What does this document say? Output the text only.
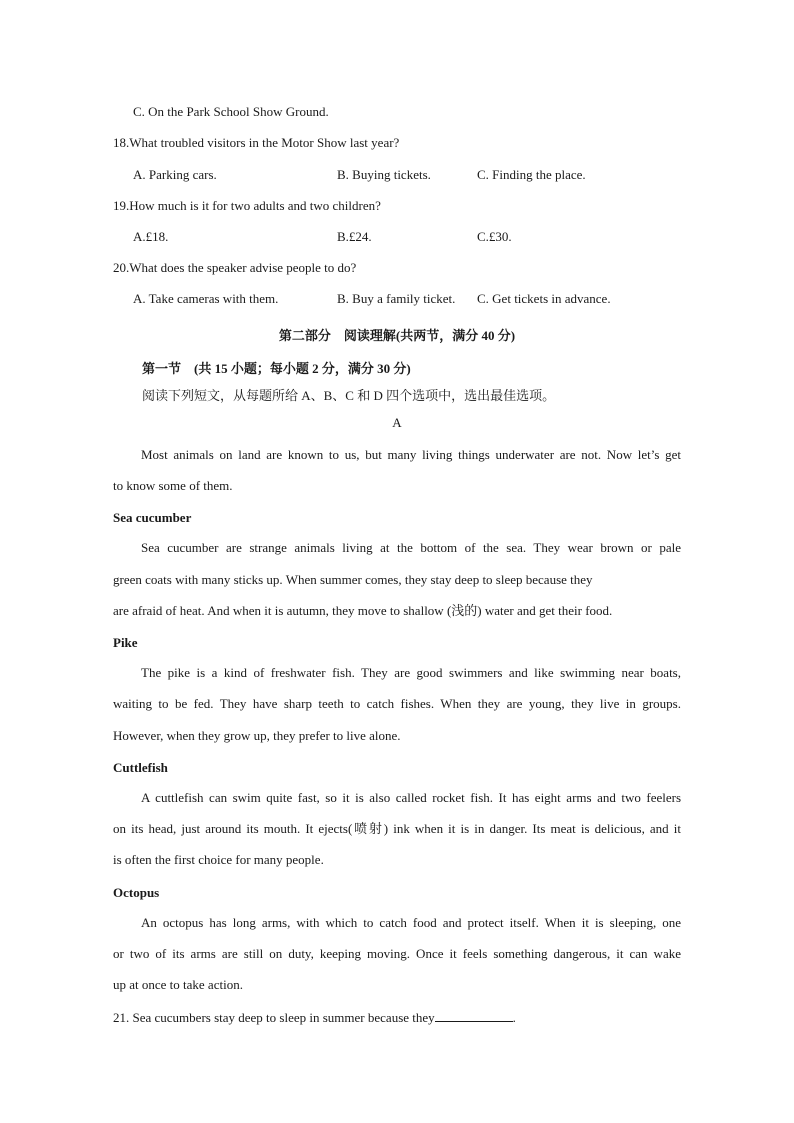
C. On the Park School Show Ground.
18.What troubled visitors in the Motor Show last year?
A. Parking cars.	B. Buying tickets.	C. Finding the place.
19.How much is it for two adults and two children?
A.£18.	B.£24.	C.£30.
20.What does the speaker advise people to do?
A. Take cameras with them.	B. Buy a family ticket. C. Get tickets in advance.
第二部分　阅读理解(共两节，满分 40 分)
第一节　(共 15 小题；每小题 2 分，满分 30 分)
阅读下列短文，从每题所给 A、B、C 和 D 四个选项中，选出最佳选项。
A
Most animals on land are known to us, but many living things underwater are not. Now let’s get
to know some of them.
Sea cucumber
Sea cucumber are strange animals living at the bottom of the sea. They wear brown or pale
green coats with many sticks up. When summer comes, they stay deep to sleep because they
are afraid of heat. And when it is autumn, they move to shallow (浅的) water and get their food.
Pike
The pike is a kind of freshwater fish. They are good swimmers and like swimming near boats,
waiting to be fed. They have sharp teeth to catch fishes. When they are young, they live in groups.
However, when they grow up, they prefer to live alone.
Cuttlefish
A cuttlefish can swim quite fast, so it is also called rocket fish. It has eight arms and two feelers
on its head, just around its mouth. It ejects(喷射) ink when it is in danger. Its meat is delicious, and it
is often the first choice for many people.
Octopus
An octopus has long arms, with which to catch food and protect itself. When it is sleeping, one
or two of its arms are still on duty, keeping moving. Once it feels something dangerous, it can wake
up at once to take action.
21. Sea cucumbers stay deep to sleep in summer because they	.
